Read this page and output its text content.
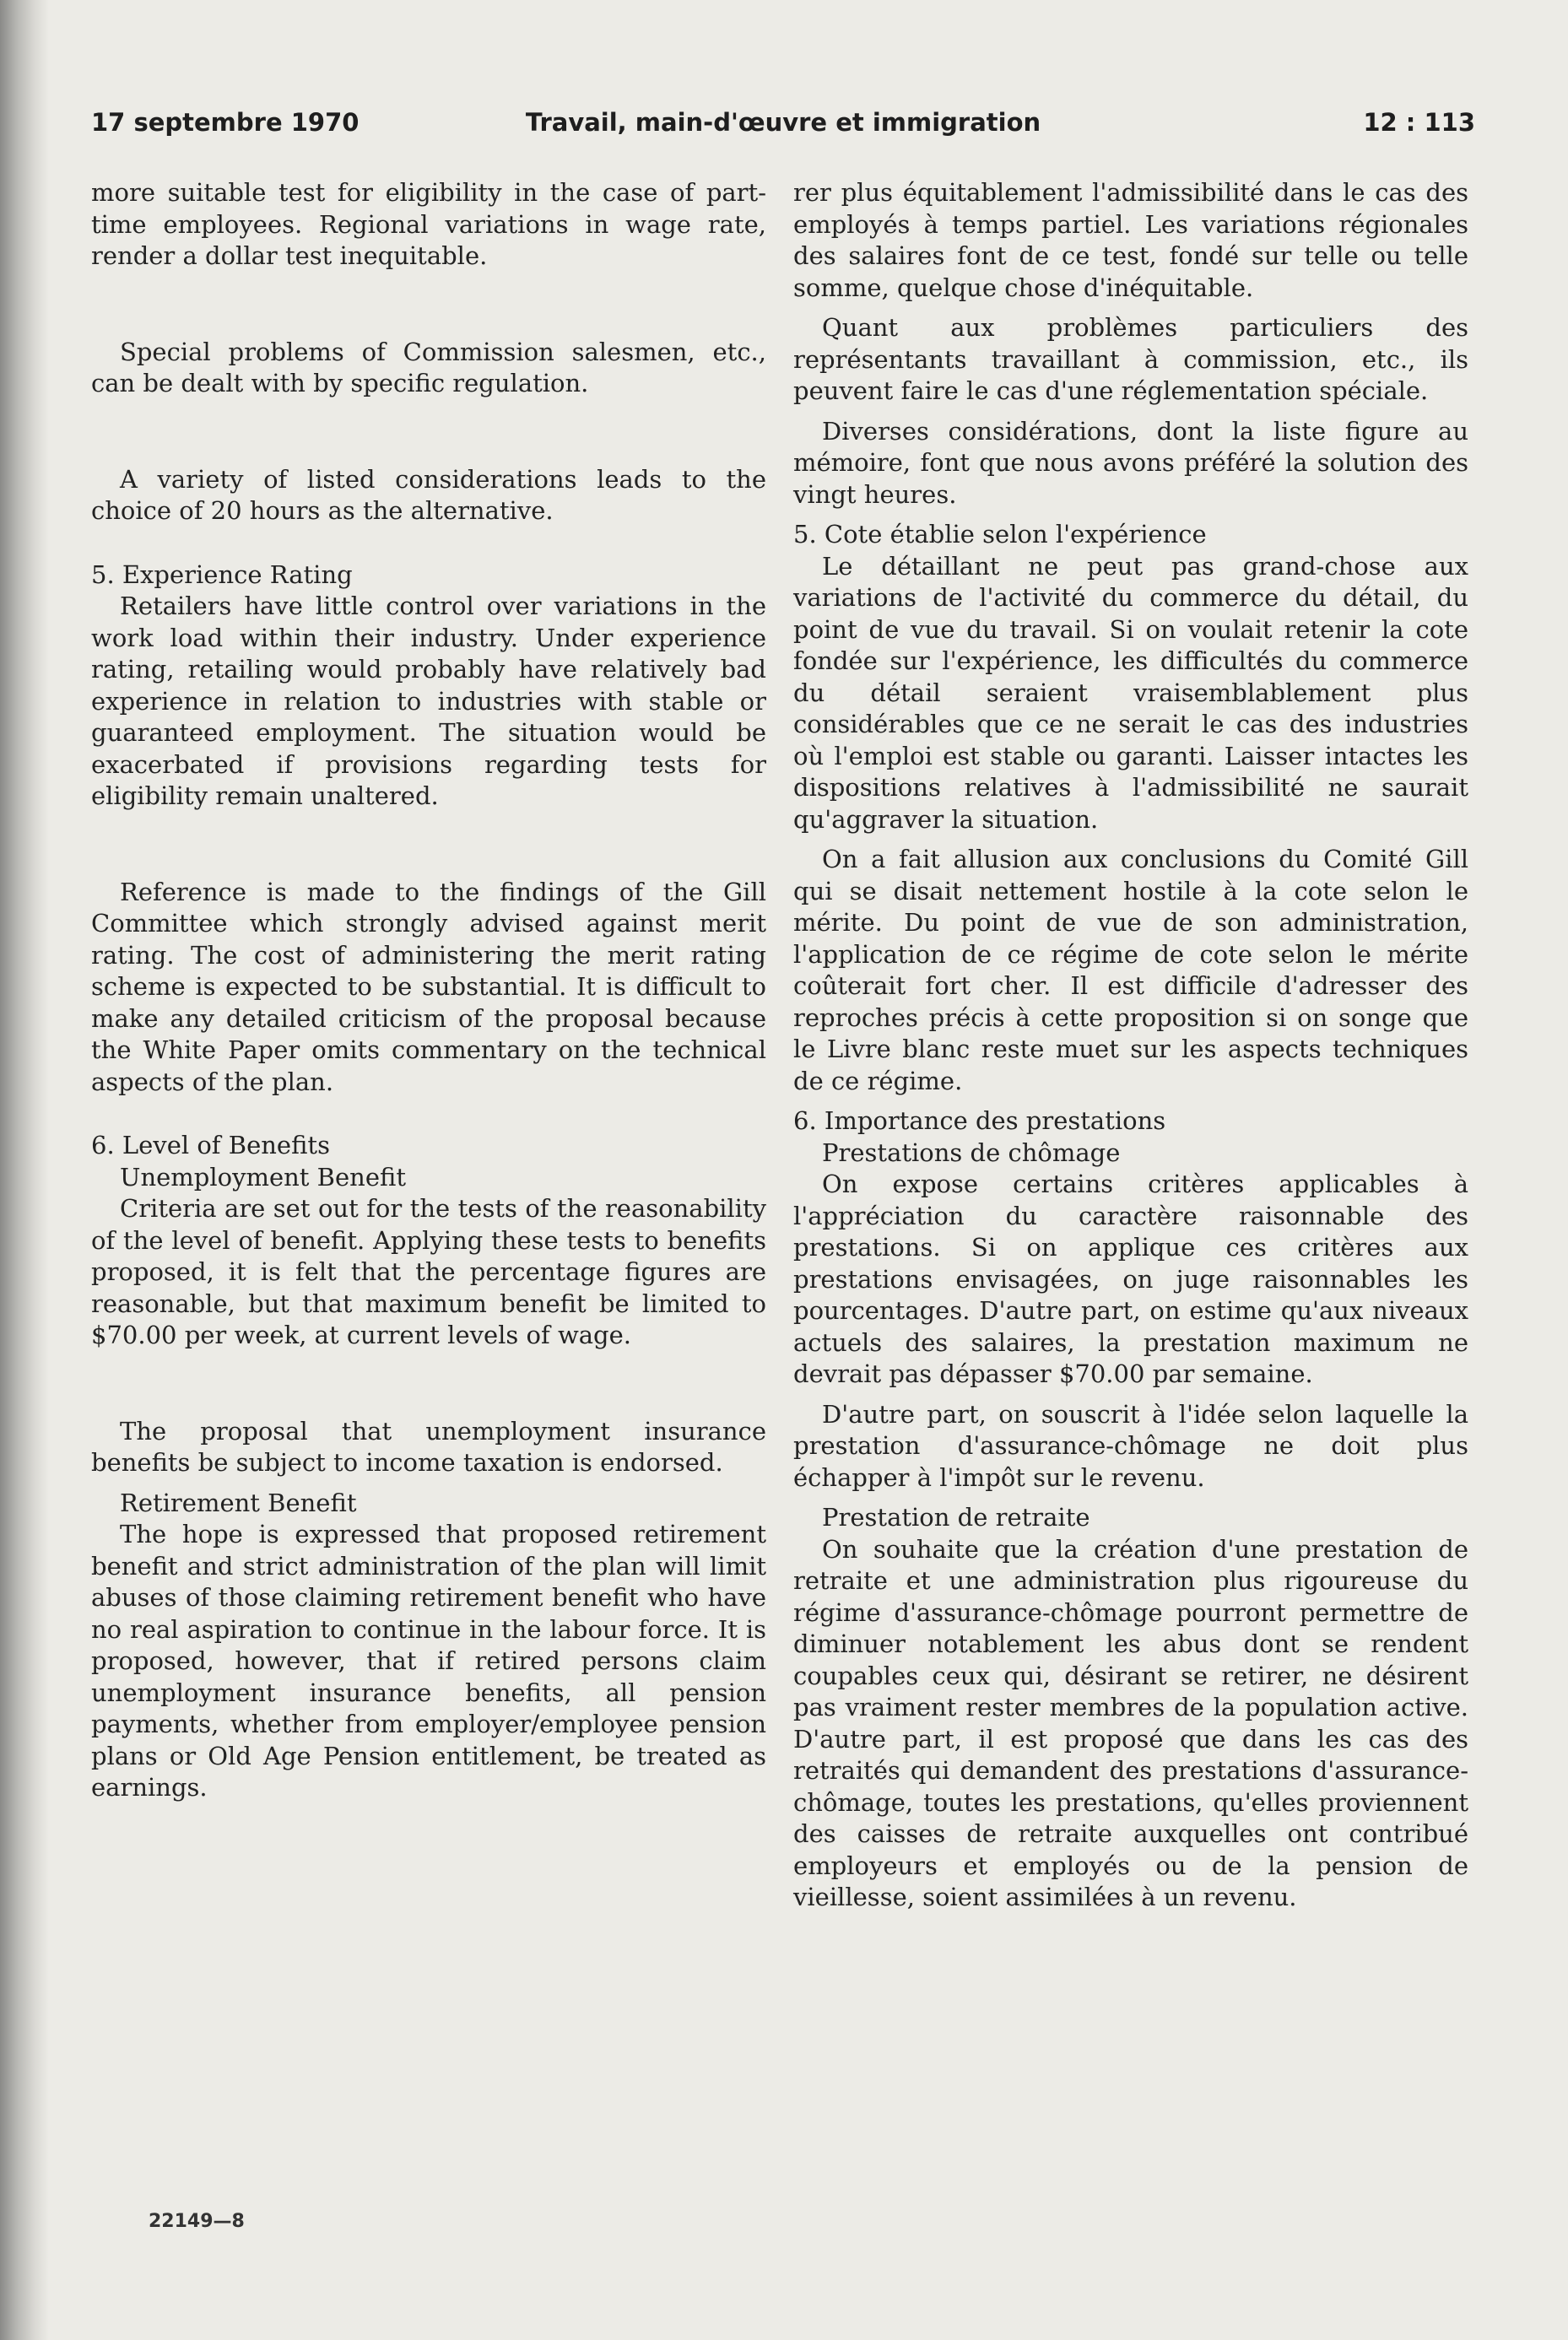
17 septembre 1970	Travail, main-d'œuvre et immigration	12 : 113

more suitable test for eligibility in the case of part-time employees. Regional variations in wage rate, render a dollar test inequitable.

Special problems of Commission salesmen, etc., can be dealt with by specific regulation.

A variety of listed considerations leads to the choice of 20 hours as the alternative.

5. Experience Rating

Retailers have little control over variations in the work load within their industry. Under experience rating, retailing would probably have relatively bad experience in relation to industries with stable or guaranteed employment. The situation would be exacerbated if provisions regarding tests for eligibility remain unaltered.

Reference is made to the findings of the Gill Committee which strongly advised against merit rating. The cost of administering the merit rating scheme is expected to be substantial. It is difficult to make any detailed criticism of the proposal because the White Paper omits commentary on the technical aspects of the plan.

6. Level of Benefits

Unemployment Benefit

Criteria are set out for the tests of the reasonability of the level of benefit. Applying these tests to benefits proposed, it is felt that the percentage figures are reasonable, but that maximum benefit be limited to $70.00 per week, at current levels of wage.

The proposal that unemployment insurance benefits be subject to income taxation is endorsed.

Retirement Benefit

The hope is expressed that proposed retirement benefit and strict administration of the plan will limit abuses of those claiming retirement benefit who have no real aspiration to continue in the labour force. It is proposed, however, that if retired persons claim unemployment insurance benefits, all pension payments, whether from employer/employee pension plans or Old Age Pension entitlement, be treated as earnings.

rer plus équitablement l'admissibilité dans le cas des employés à temps partiel. Les variations régionales des salaires font de ce test, fondé sur telle ou telle somme, quelque chose d'inéquitable.

Quant aux problèmes particuliers des représentants travaillant à commission, etc., ils peuvent faire le cas d'une réglementation spéciale.

Diverses considérations, dont la liste figure au mémoire, font que nous avons préféré la solution des vingt heures.

5. Cote établie selon l'expérience

Le détaillant ne peut pas grand-chose aux variations de l'activité du commerce du détail, du point de vue du travail. Si on voulait retenir la cote fondée sur l'expérience, les difficultés du commerce du détail seraient vraisemblablement plus considérables que ce ne serait le cas des industries où l'emploi est stable ou garanti. Laisser intactes les dispositions relatives à l'admissibilité ne saurait qu'aggraver la situation.

On a fait allusion aux conclusions du Comité Gill qui se disait nettement hostile à la cote selon le mérite. Du point de vue de son administration, l'application de ce régime de cote selon le mérite coûterait fort cher. Il est difficile d'adresser des reproches précis à cette proposition si on songe que le Livre blanc reste muet sur les aspects techniques de ce régime.

6. Importance des prestations

Prestations de chômage

On expose certains critères applicables à l'appréciation du caractère raisonnable des prestations. Si on applique ces critères aux prestations envisagées, on juge raisonnables les pourcentages. D'autre part, on estime qu'aux niveaux actuels des salaires, la prestation maximum ne devrait pas dépasser $70.00 par semaine.

D'autre part, on souscrit à l'idée selon laquelle la prestation d'assurance-chômage ne doit plus échapper à l'impôt sur le revenu.

Prestation de retraite

On souhaite que la création d'une prestation de retraite et une administration plus rigoureuse du régime d'assurance-chômage pourront permettre de diminuer notablement les abus dont se rendent coupables ceux qui, désirant se retirer, ne désirent pas vraiment rester membres de la population active. D'autre part, il est proposé que dans les cas des retraités qui demandent des prestations d'assurance-chômage, toutes les prestations, qu'elles proviennent des caisses de retraite auxquelles ont contribué employeurs et employés ou de la pension de vieillesse, soient assimilées à un revenu.

22149—8
